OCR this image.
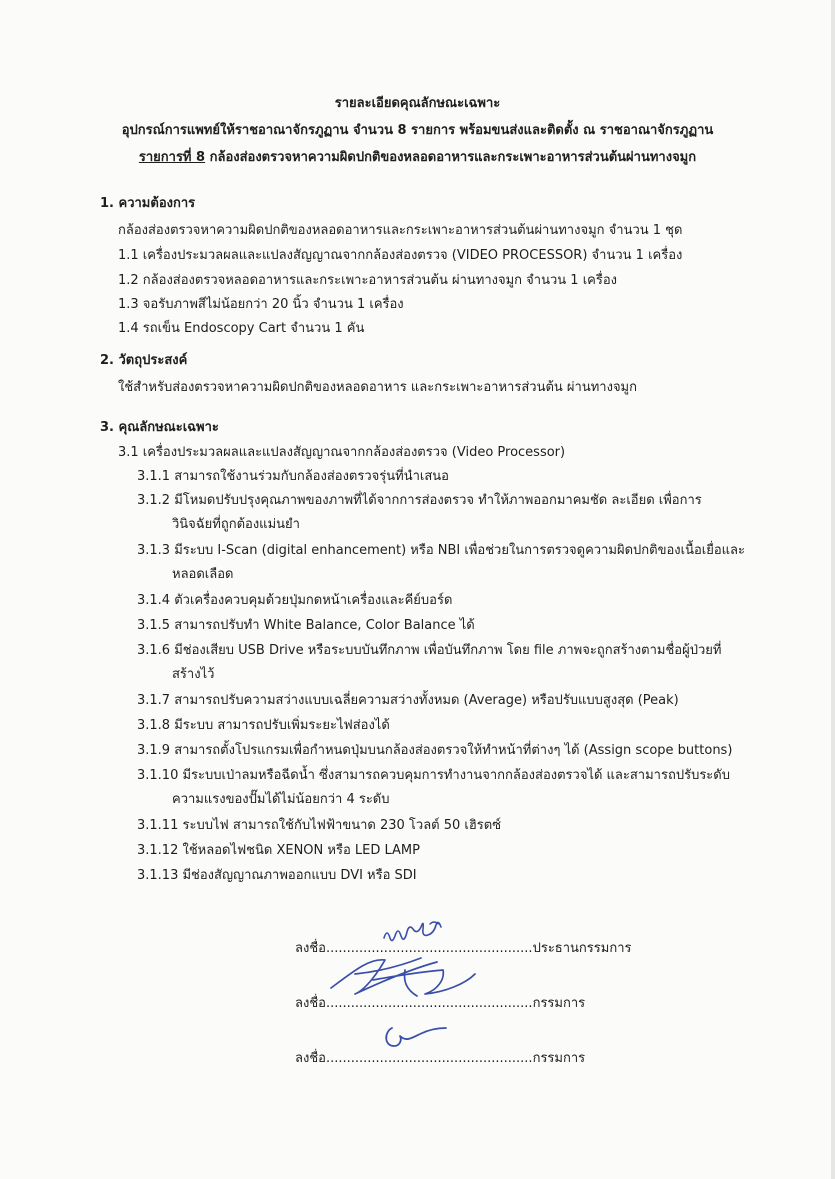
รายละเอียดคุณลักษณะเฉพาะ
อุปกรณ์การแพทย์ให้ราชอาณาจักรภูฏาน จำนวน 8 รายการ พร้อมขนส่งและติดตั้ง ณ ราชอาณาจักรภูฏาน
รายการที่ 8 กล้องส่องตรวจหาความผิดปกติของหลอดอาหารและกระเพาะอาหารส่วนต้นผ่านทางจมูก
1. ความต้องการ
กล้องส่องตรวจหาความผิดปกติของหลอดอาหารและกระเพาะอาหารส่วนต้นผ่านทางจมูก จำนวน 1 ชุด
1.1 เครื่องประมวลผลและแปลงสัญญาณจากกล้องส่องตรวจ (VIDEO PROCESSOR) จำนวน 1 เครื่อง
1.2 กล้องส่องตรวจหลอดอาหารและกระเพาะอาหารส่วนต้น ผ่านทางจมูก จำนวน 1 เครื่อง
1.3 จอรับภาพสีไม่น้อยกว่า 20 นิ้ว จำนวน 1 เครื่อง
1.4 รถเข็น Endoscopy Cart จำนวน 1 คัน
2. วัตถุประสงค์
ใช้สำหรับส่องตรวจหาความผิดปกติของหลอดอาหาร และกระเพาะอาหารส่วนต้น ผ่านทางจมูก
3. คุณลักษณะเฉพาะ
3.1 เครื่องประมวลผลและแปลงสัญญาณจากกล้องส่องตรวจ (Video Processor)
3.1.1 สามารถใช้งานร่วมกับกล้องส่องตรวจรุ่นที่นำเสนอ
3.1.2 มีโหมดปรับปรุงคุณภาพของภาพที่ได้จากการส่องตรวจ ทำให้ภาพออกมาคมชัด ละเอียด เพื่อการ
วินิจฉัยที่ถูกต้องแม่นยำ
3.1.3 มีระบบ I-Scan (digital enhancement) หรือ NBI เพื่อช่วยในการตรวจดูความผิดปกติของเนื้อเยื่อและ
หลอดเลือด
3.1.4 ตัวเครื่องควบคุมด้วยปุ่มกดหน้าเครื่องและคีย์บอร์ด
3.1.5 สามารถปรับทำ White Balance, Color Balance ได้
3.1.6 มีช่องเสียบ USB Drive หรือระบบบันทึกภาพ เพื่อบันทึกภาพ โดย file ภาพจะถูกสร้างตามชื่อผู้ป่วยที่
สร้างไว้
3.1.7 สามารถปรับความสว่างแบบเฉลี่ยความสว่างทั้งหมด (Average) หรือปรับแบบสูงสุด (Peak)
3.1.8 มีระบบ สามารถปรับเพิ่มระยะไฟส่องได้
3.1.9 สามารถตั้งโปรแกรมเพื่อกำหนดปุ่มบนกล้องส่องตรวจให้ทำหน้าที่ต่างๆ ได้ (Assign scope buttons)
3.1.10 มีระบบเป่าลมหรือฉีดน้ำ ซึ่งสามารถควบคุมการทำงานจากกล้องส่องตรวจได้ และสามารถปรับระดับ
ความแรงของปั๊มได้ไม่น้อยกว่า 4 ระดับ
3.1.11 ระบบไฟ สามารถใช้กับไฟฟ้าขนาด 230 โวลต์ 50 เฮิรตซ์
3.1.12 ใช้หลอดไฟชนิด XENON หรือ LED LAMP
3.1.13 มีช่องสัญญาณภาพออกแบบ DVI หรือ SDI
ลงชื่อ..................................................ประธานกรรมการ
ลงชื่อ..................................................กรรมการ
ลงชื่อ..................................................กรรมการ
